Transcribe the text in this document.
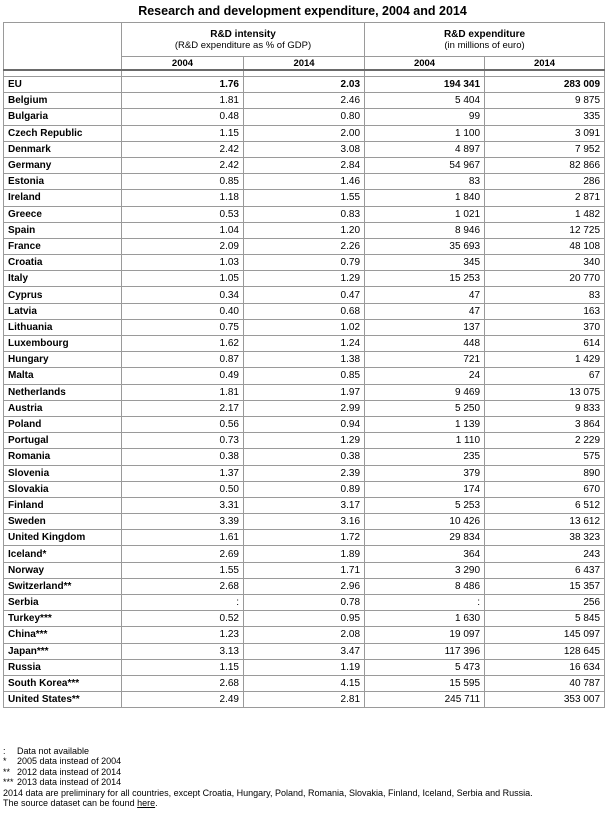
Research and development expenditure, 2004 and 2014

	R&D intensity
(R&D expenditure as % of GDP)		R&D expenditure
(in millions of euro)	

	2004	2014	2004	2014

EU	1.76	2.03	194 341	283 009
Belgium	1.81	2.46	5 404	9 875
Bulgaria	0.48	0.80	99	335
Czech Republic	1.15	2.00	1 100	3 091
Denmark	2.42	3.08	4 897	7 952
Germany	2.42	2.84	54 967	82 866
Estonia	0.85	1.46	83	286
Ireland	1.18	1.55	1 840	2 871
Greece	0.53	0.83	1 021	1 482
Spain	1.04	1.20	8 946	12 725
France	2.09	2.26	35 693	48 108
Croatia	1.03	0.79	345	340
Italy	1.05	1.29	15 253	20 770
Cyprus	0.34	0.47	47	83
Latvia	0.40	0.68	47	163
Lithuania	0.75	1.02	137	370
Luxembourg	1.62	1.24	448	614
Hungary	0.87	1.38	721	1 429
Malta	0.49	0.85	24	67
Netherlands	1.81	1.97	9 469	13 075
Austria	2.17	2.99	5 250	9 833
Poland	0.56	0.94	1 139	3 864
Portugal	0.73	1.29	1 110	2 229
Romania	0.38	0.38	235	575
Slovenia	1.37	2.39	379	890
Slovakia	0.50	0.89	174	670
Finland	3.31	3.17	5 253	6 512
Sweden	3.39	3.16	10 426	13 612
United Kingdom	1.61	1.72	29 834	38 323
Iceland*	2.69	1.89	364	243
Norway	1.55	1.71	3 290	6 437
Switzerland**	2.68	2.96	8 486	15 357
Serbia	:	0.78	:	256
Turkey***	0.52	0.95	1 630	5 845
China***	1.23	2.08	19 097	145 097
Japan***	3.13	3.47	117 396	128 645
Russia	1.15	1.19	5 473	16 634
South Korea***	2.68	4.15	15 595	40 787
United States**	2.49	2.81	245 711	353 007
: Data not available
* 2005 data instead of 2004
** 2012 data instead of 2014
*** 2013 data instead of 2014
2014 data are preliminary for all countries, except Croatia, Hungary, Poland, Romania, Slovakia, Finland, Iceland, Serbia and Russia.
The source dataset can be found here.
